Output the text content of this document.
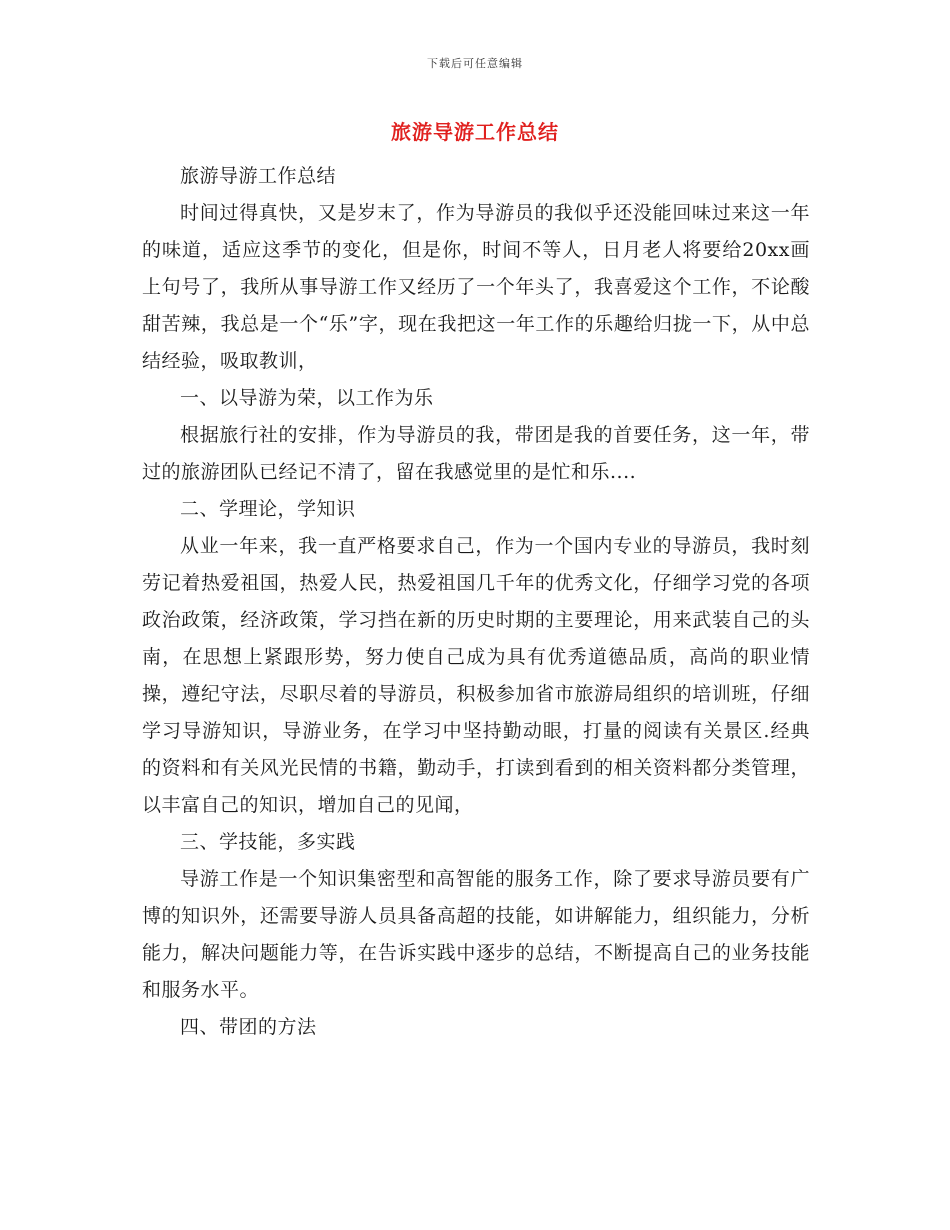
下载后可任意编辑
旅游导游工作总结

旅游导游工作总结

时间过得真快，又是岁末了，作为导游员的我似乎还没能回味过来这一年的味道，适应这季节的变化，但是你，时间不等人，日月老人将要给20xx画上句号了，我所从事导游工作又经历了一个年头了，我喜爱这个工作，不论酸甜苦辣，我总是一个“乐”字，现在我把这一年工作的乐趣给归拢一下，从中总结经验，吸取教训，

一、以导游为荣，以工作为乐

根据旅行社的安排，作为导游员的我，带团是我的首要任务，这一年，带过的旅游团队已经记不清了，留在我感觉里的是忙和乐....

二、学理论，学知识

从业一年来，我一直严格要求自己，作为一个国内专业的导游员，我时刻劳记着热爱祖国，热爱人民，热爱祖国几千年的优秀文化，仔细学习党的各项政治政策，经济政策，学习挡在新的历史时期的主要理论，用来武装自己的头南，在思想上紧跟形势，努力使自己成为具有优秀道德品质，高尚的职业情操，遵纪守法，尽职尽着的导游员，积极参加省市旅游局组织的培训班，仔细学习导游知识，导游业务，在学习中坚持勤动眼，打量的阅读有关景区.经典的资料和有关风光民情的书籍，勤动手，打读到看到的相关资料都分类管理，以丰富自己的知识，增加自己的见闻，

三、学技能，多实践

导游工作是一个知识集密型和高智能的服务工作，除了要求导游员要有广博的知识外，还需要导游人员具备高超的技能，如讲解能力，组织能力，分析能力，解决问题能力等，在告诉实践中逐步的总结，不断提高自己的业务技能和服务水平。

四、带团的方法
